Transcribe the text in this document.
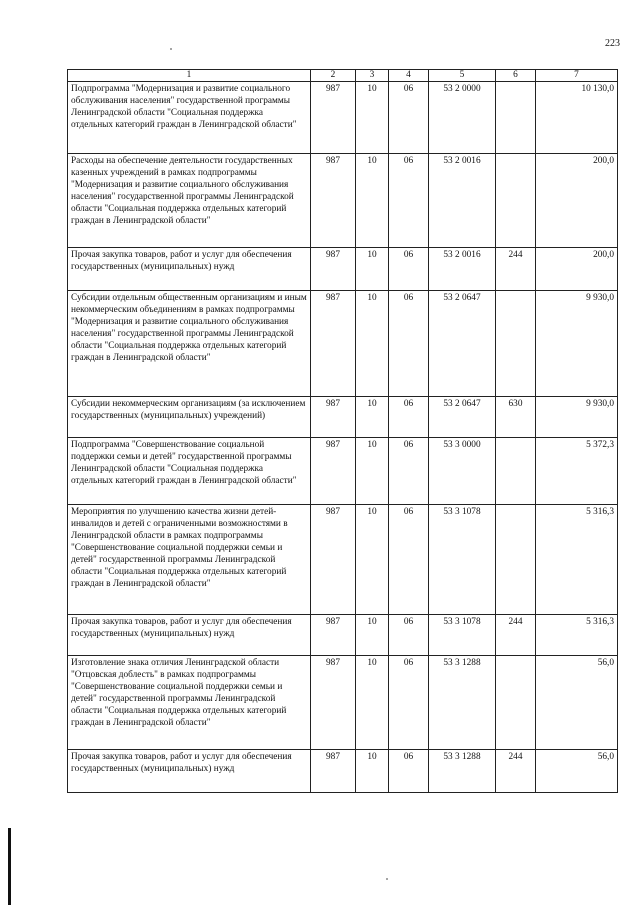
223
1	2	3	4	5	6	7
Подпрограмма "Модернизация и развитие социального обслуживания населения" государственной программы Ленинградской области "Социальная поддержка отдельных категорий граждан в Ленинградской области"	987	10	06	53 2 0000		10 130,0
Расходы на обеспечение деятельности государственных казенных учреждений в рамках подпрограммы "Модернизация и развитие социального обслуживания населения" государственной программы Ленинградской области "Социальная поддержка отдельных категорий граждан в Ленинградской области"	987	10	06	53 2 0016		200,0
Прочая закупка товаров, работ и услуг для обеспечения государственных (муниципальных) нужд	987	10	06	53 2 0016	244	200,0
Субсидии отдельным общественным организациям и иным некоммерческим объединениям в рамках подпрограммы "Модернизация и развитие социального обслуживания населения" государственной программы Ленинградской области "Социальная поддержка отдельных категорий граждан в Ленинградской области"	987	10	06	53 2 0647		9 930,0
Субсидии некоммерческим организациям (за исключением государственных (муниципальных) учреждений)	987	10	06	53 2 0647	630	9 930,0
Подпрограмма "Совершенствование социальной поддержки семьи и детей" государственной программы Ленинградской области "Социальная поддержка отдельных категорий граждан в Ленинградской области"	987	10	06	53 3 0000		5 372,3
Мероприятия по улучшению качества жизни детей-инвалидов и детей с ограниченными возможностями в Ленинградской области в рамках подпрограммы "Совершенствование социальной поддержки семьи и детей" государственной программы Ленинградской области "Социальная поддержка отдельных категорий граждан в Ленинградской области"	987	10	06	53 3 1078		5 316,3
Прочая закупка товаров, работ и услуг для обеспечения государственных (муниципальных) нужд	987	10	06	53 3 1078	244	5 316,3
Изготовление знака отличия Ленинградской области "Отцовская доблесть" в рамках подпрограммы "Совершенствование социальной поддержки семьи и детей" государственной программы Ленинградской области "Социальная поддержка отдельных категорий граждан в Ленинградской области"	987	10	06	53 3 1288		56,0
Прочая закупка товаров, работ и услуг для обеспечения государственных (муниципальных) нужд	987	10	06	53 3 1288	244	56,0
